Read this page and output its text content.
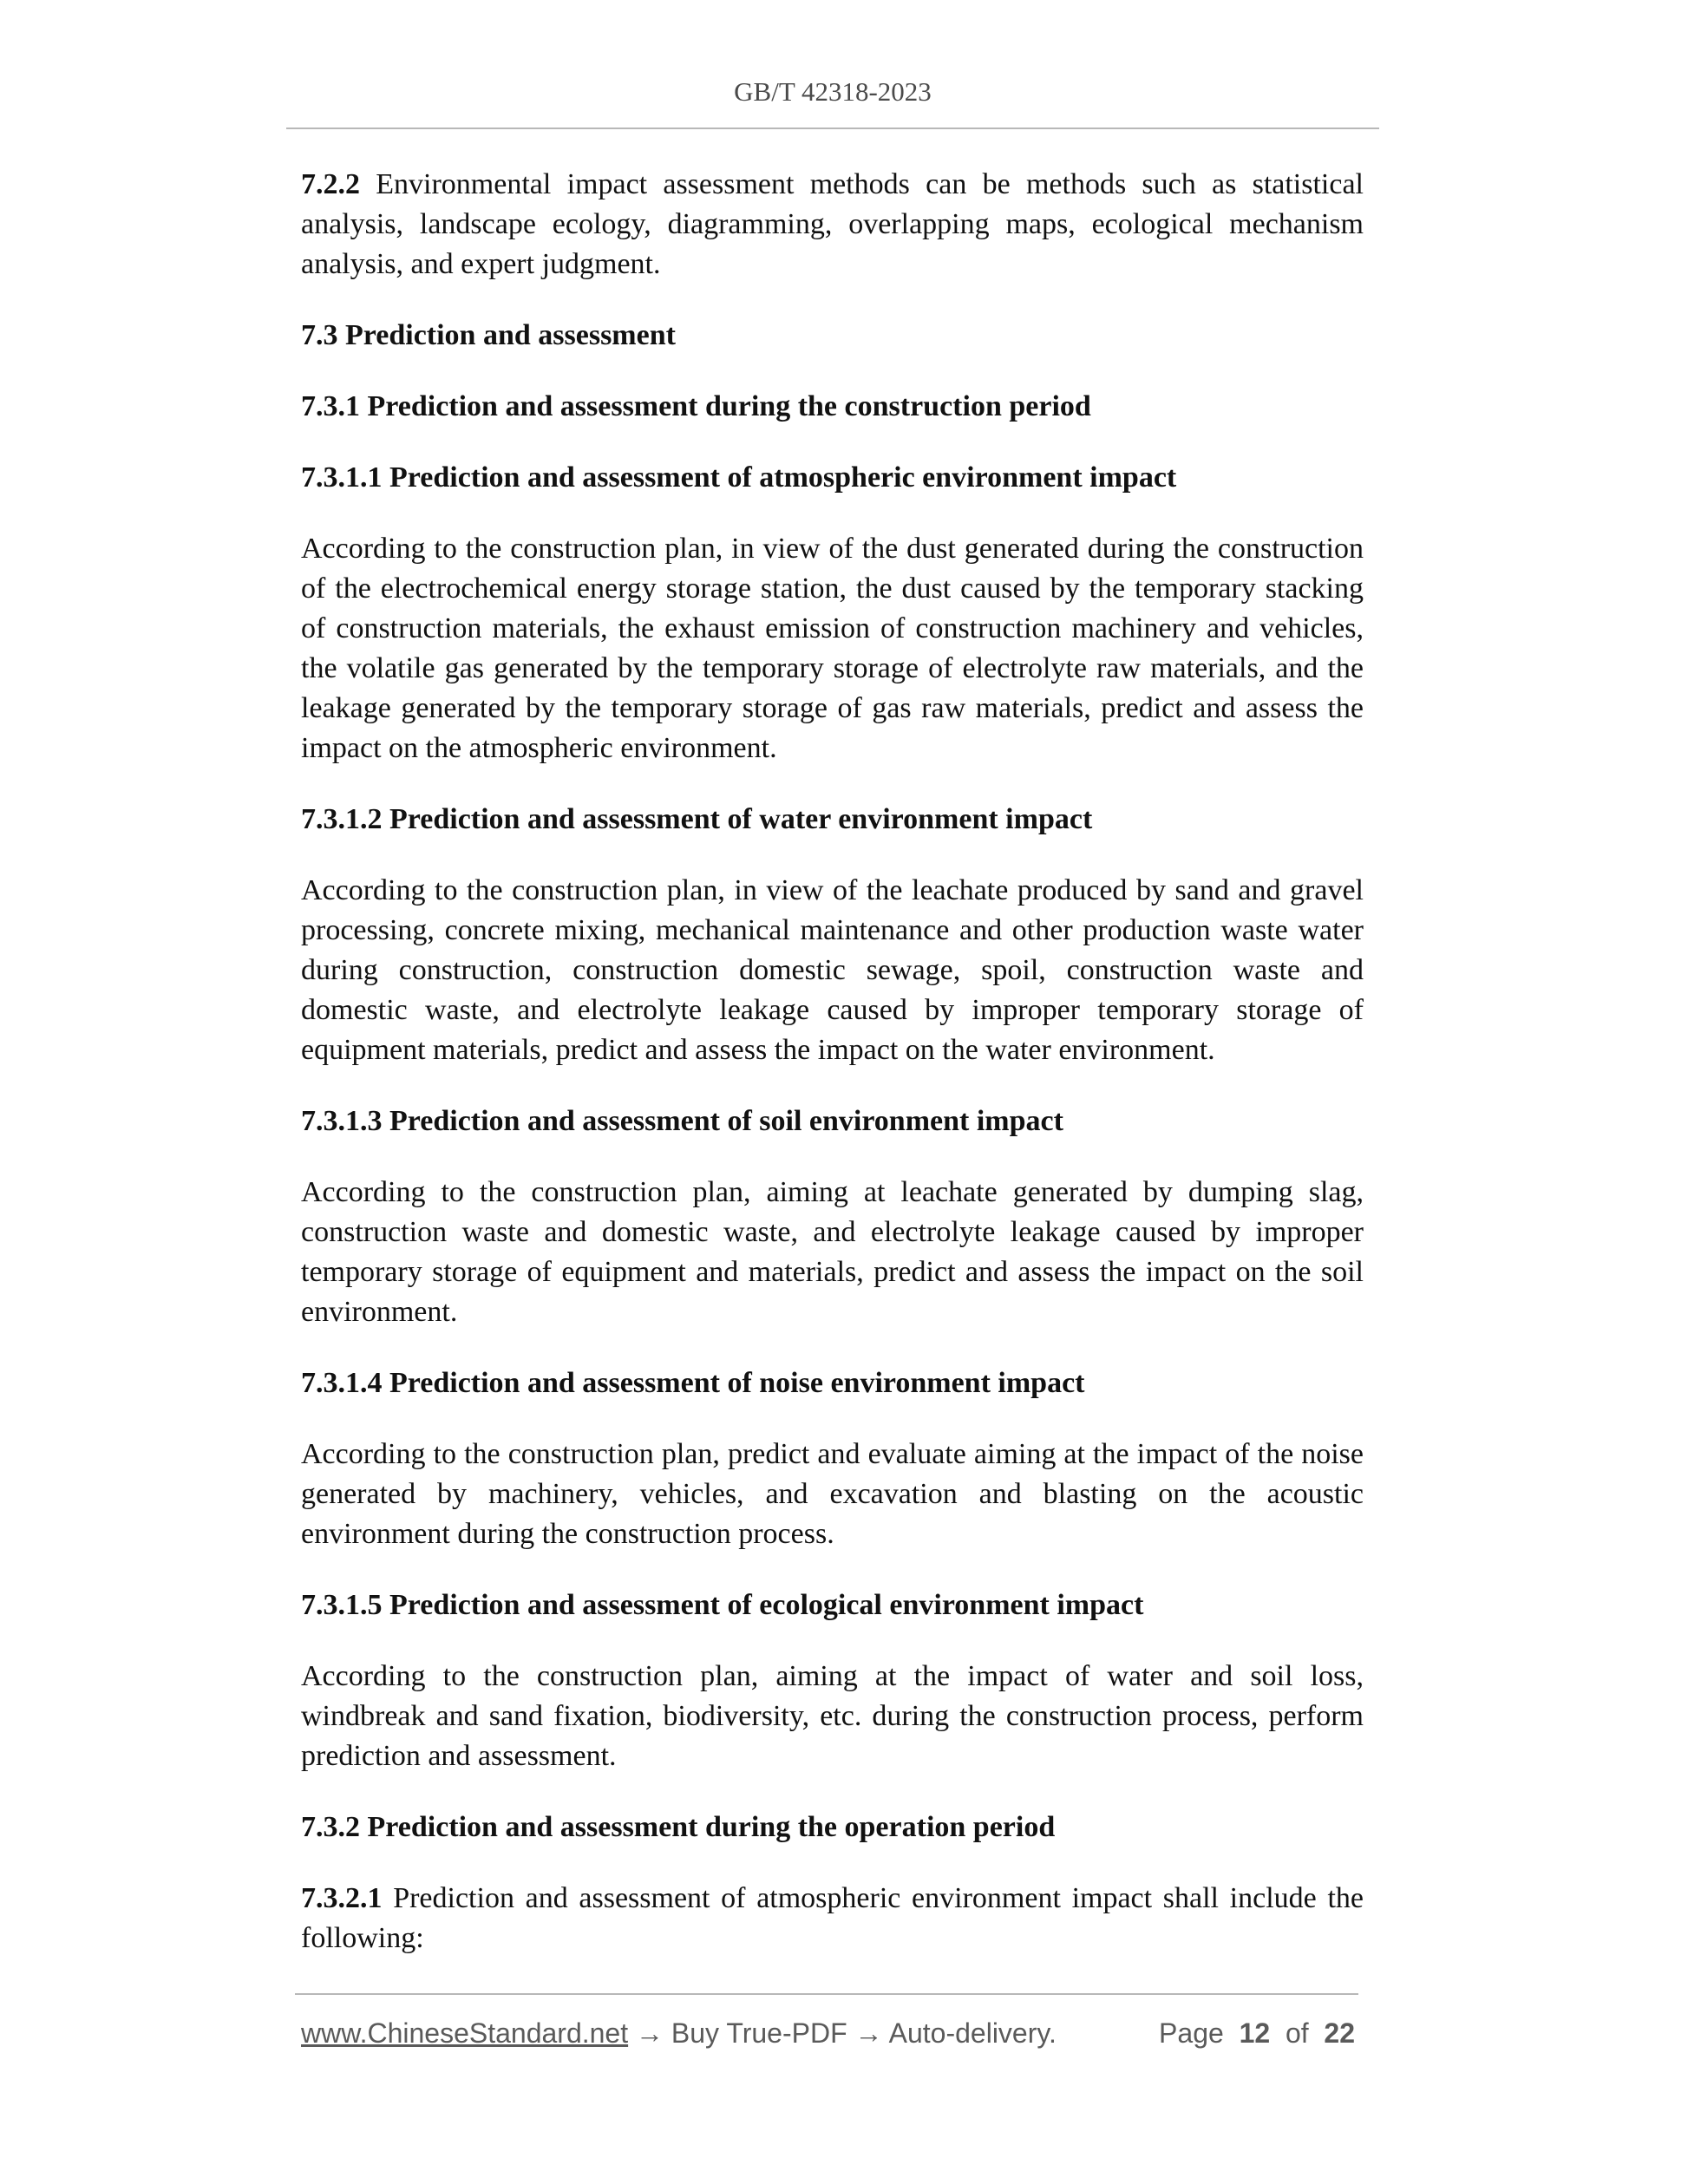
GB/T 42318-2023

7.2.2 Environmental impact assessment methods can be methods such as statistical analysis, landscape ecology, diagramming, overlapping maps, ecological mechanism analysis, and expert judgment.

7.3 Prediction and assessment

7.3.1 Prediction and assessment during the construction period

7.3.1.1 Prediction and assessment of atmospheric environment impact

According to the construction plan, in view of the dust generated during the construction of the electrochemical energy storage station, the dust caused by the temporary stacking of construction materials, the exhaust emission of construction machinery and vehicles, the volatile gas generated by the temporary storage of electrolyte raw materials, and the leakage generated by the temporary storage of gas raw materials, predict and assess the impact on the atmospheric environment.

7.3.1.2 Prediction and assessment of water environment impact

According to the construction plan, in view of the leachate produced by sand and gravel processing, concrete mixing, mechanical maintenance and other production waste water during construction, construction domestic sewage, spoil, construction waste and domestic waste, and electrolyte leakage caused by improper temporary storage of equipment materials, predict and assess the impact on the water environment.

7.3.1.3 Prediction and assessment of soil environment impact

According to the construction plan, aiming at leachate generated by dumping slag, construction waste and domestic waste, and electrolyte leakage caused by improper temporary storage of equipment and materials, predict and assess the impact on the soil environment.

7.3.1.4 Prediction and assessment of noise environment impact

According to the construction plan, predict and evaluate aiming at the impact of the noise generated by machinery, vehicles, and excavation and blasting on the acoustic environment during the construction process.

7.3.1.5 Prediction and assessment of ecological environment impact

According to the construction plan, aiming at the impact of water and soil loss, windbreak and sand fixation, biodiversity, etc. during the construction process, perform prediction and assessment.

7.3.2 Prediction and assessment during the operation period

7.3.2.1 Prediction and assessment of atmospheric environment impact shall include the following:

www.ChineseStandard.net → Buy True-PDF → Auto-delivery.	Page 12 of 22
